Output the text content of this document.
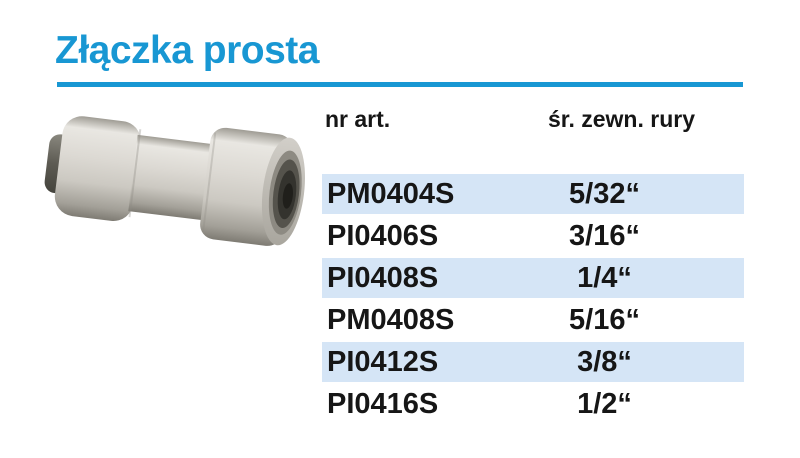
Złączka prosta
nr art.	śr. zewn. rury
PM0404S	5/32“
PI0406S	3/16“
PI0408S	1/4“
PM0408S	5/16“
PI0412S	3/8“
PI0416S	1/2“
